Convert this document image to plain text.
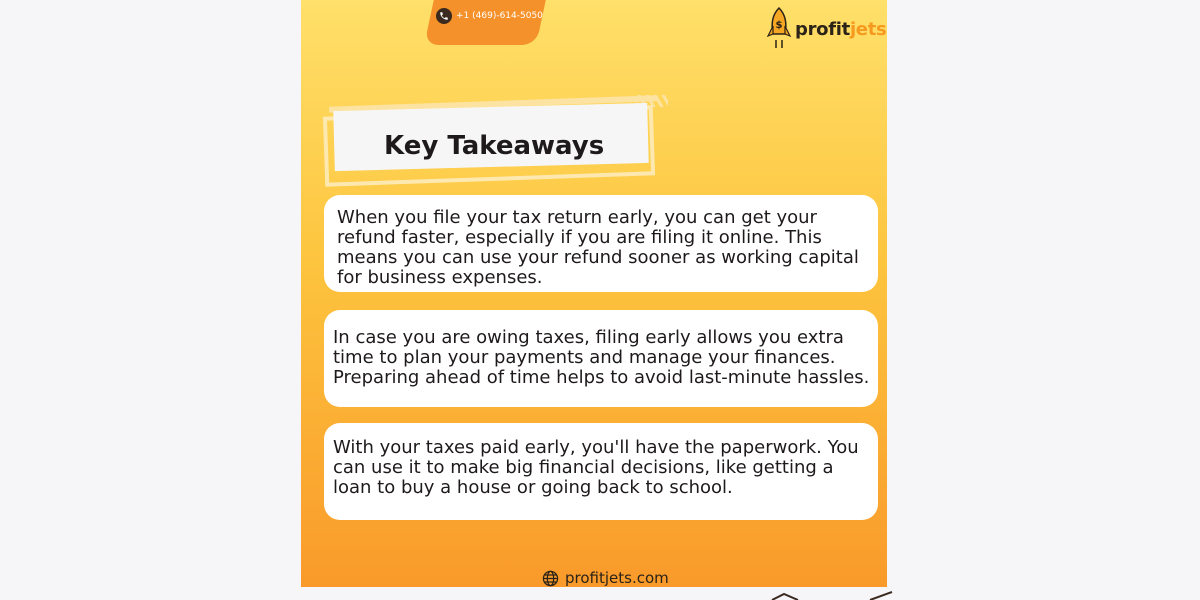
+1 (469)-614-5050
$ profitjets
Key Takeaways
When you file your tax return early, you can get your refund faster, especially if you are filing it online. This means you can use your refund sooner as working capital for business expenses.
In case you are owing taxes, filing early allows you extra time to plan your payments and manage your finances. Preparing ahead of time helps to avoid last-minute hassles.
With your taxes paid early, you'll have the paperwork. You can use it to make big financial decisions, like getting a loan to buy a house or going back to school.
profitjets.com
